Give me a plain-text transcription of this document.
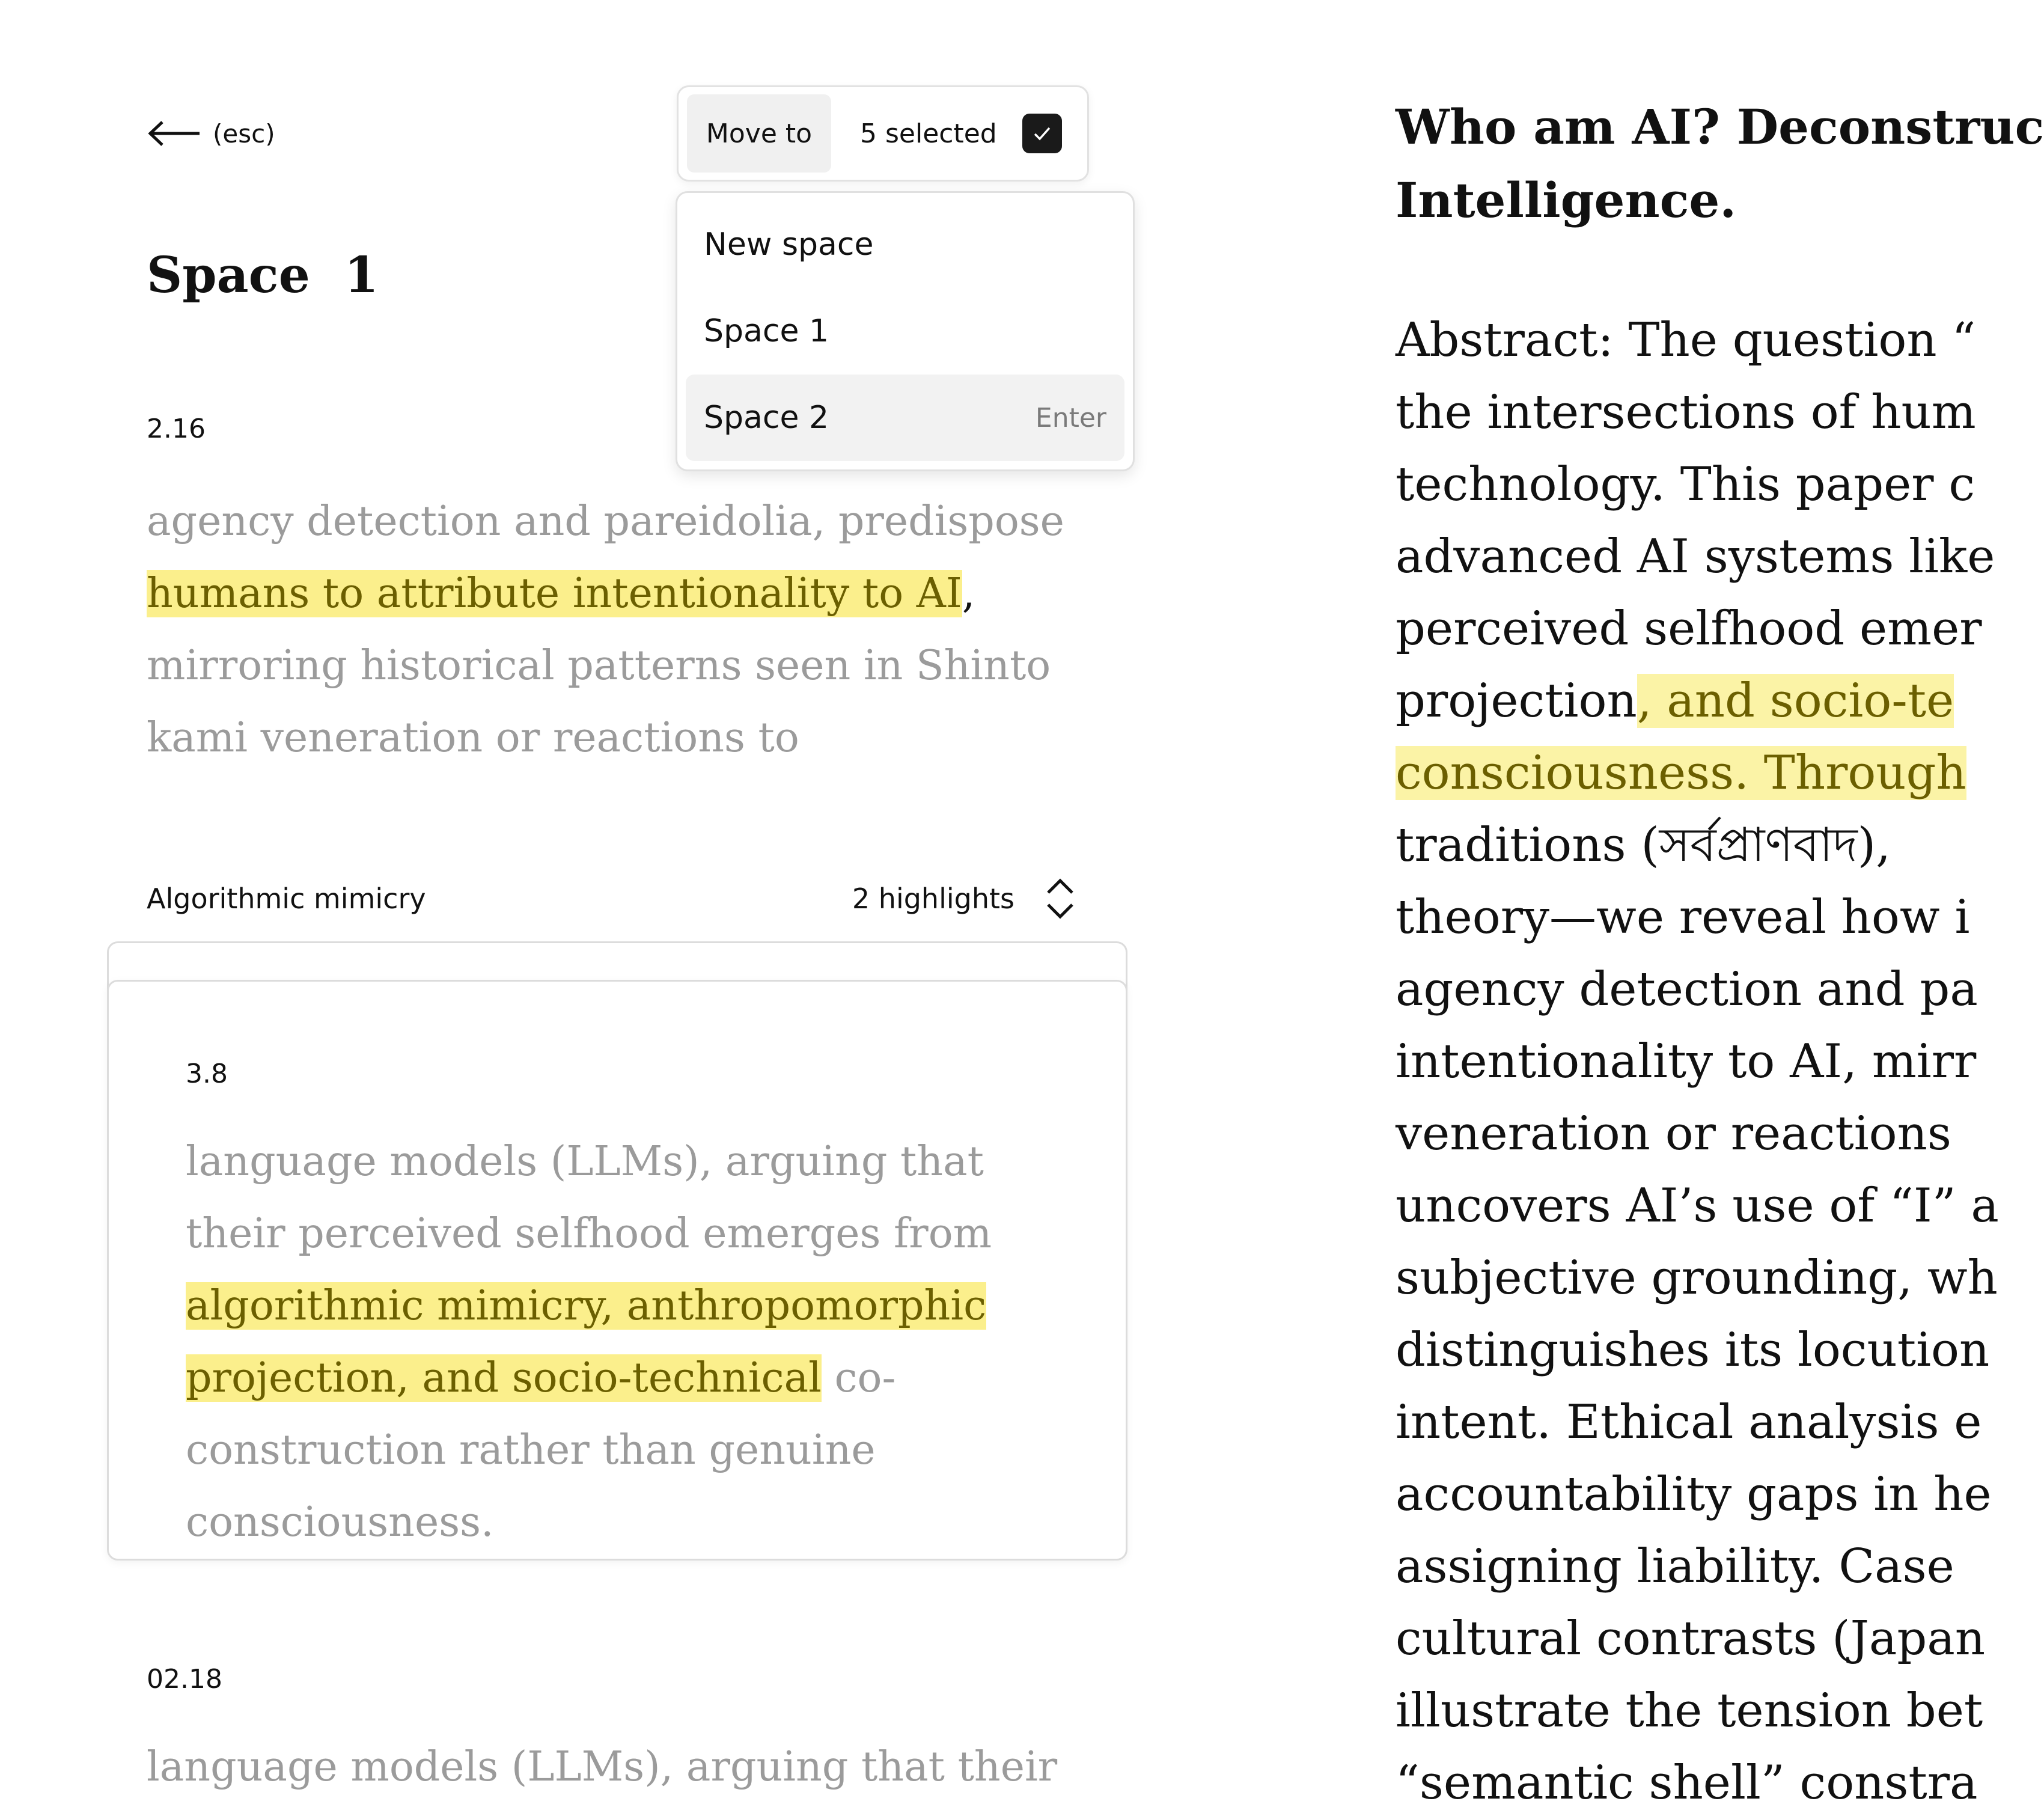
(esc)	Move to	5 selected
New space
Space 1
Space 2	Enter
Space  1
2.16
agency detection and pareidolia, predispose
humans to attribute intentionality to AI,
mirroring historical patterns seen in Shinto kami veneration or reactions to
Algorithmic mimicry	2 highlights
3.8
language models (LLMs), arguing that their perceived selfhood emerges from algorithmic mimicry, anthropomorphic projection, and socio-technical co-construction rather than genuine consciousness.
02.18
language models (LLMs), arguing that their
Who am AI? Deconstruc
Intelligence.
Abstract: The question “
the intersections of hum
technology. This paper c
advanced AI systems like
perceived selfhood emer
projection, and socio-te
consciousness. Through
traditions (সর্বপ্রাণবাদ),
theory—we reveal how i
agency detection and pa
intentionality to AI, mirr
veneration or reactions
uncovers AI’s use of “I” a
subjective grounding, wh
distinguishes its locution
intent. Ethical analysis e
accountability gaps in he
assigning liability. Case
cultural contrasts (Japan
illustrate the tension bet
“semantic shell” constra
